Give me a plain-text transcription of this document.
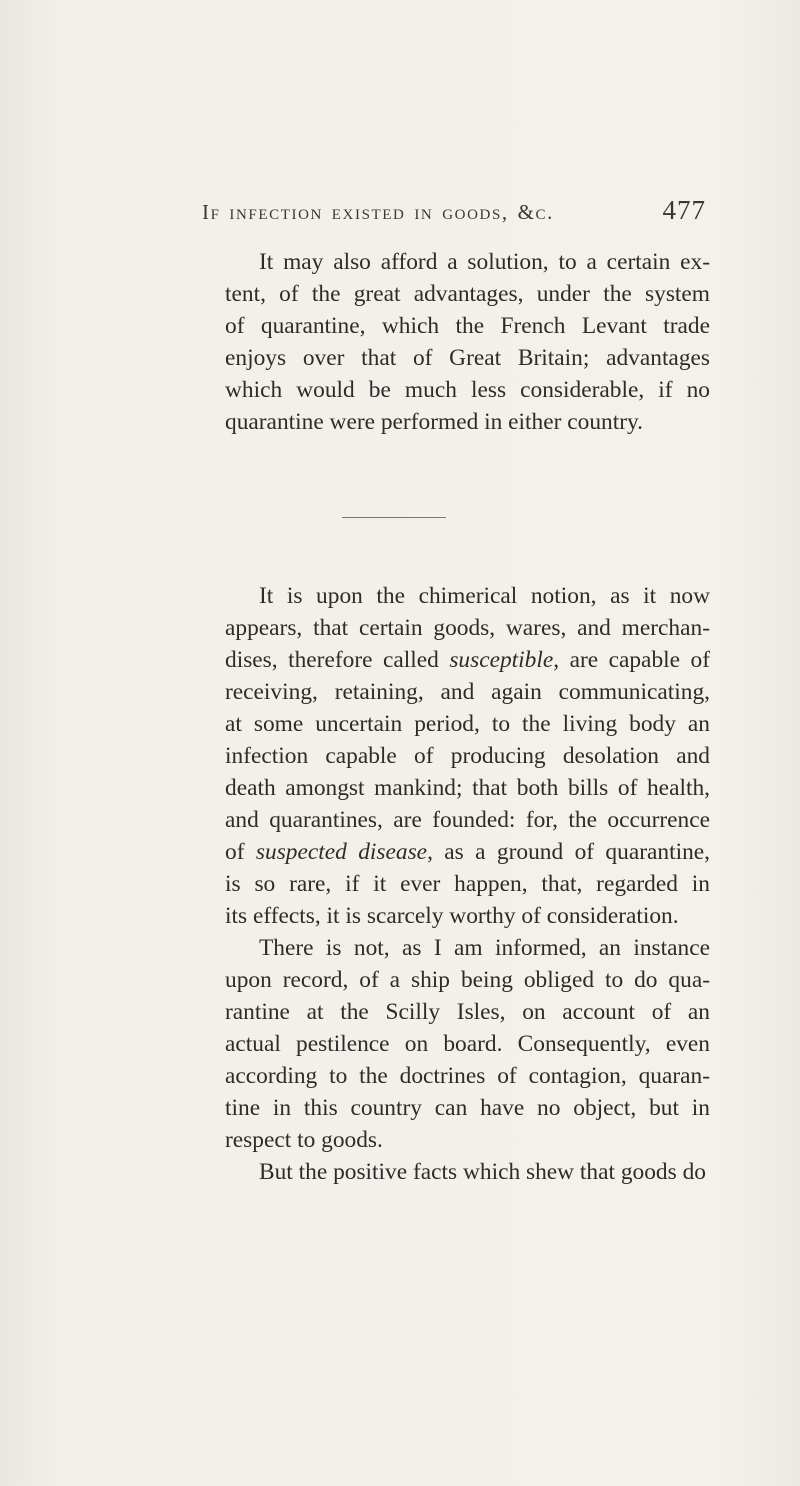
If infection existed in goods, &c.	477
It may also afford a solution, to a certain ex-
tent, of the great advantages, under the system
of quarantine, which the French Levant trade
enjoys over that of Great Britain; advantages
which would be much less considerable, if no
quarantine were performed in either country.
It is upon the chimerical notion, as it now
appears, that certain goods, wares, and merchan-
dises, therefore called susceptible, are capable of
receiving, retaining, and again communicating,
at some uncertain period, to the living body an
infection capable of producing desolation and
death amongst mankind; that both bills of health,
and quarantines, are founded: for, the occurrence
of suspected disease, as a ground of quarantine,
is so rare, if it ever happen, that, regarded in
its effects, it is scarcely worthy of consideration.
There is not, as I am informed, an instance
upon record, of a ship being obliged to do qua-
rantine at the Scilly Isles, on account of an
actual pestilence on board. Consequently, even
according to the doctrines of contagion, quaran-
tine in this country can have no object, but in
respect to goods.
But the positive facts which shew that goods do
